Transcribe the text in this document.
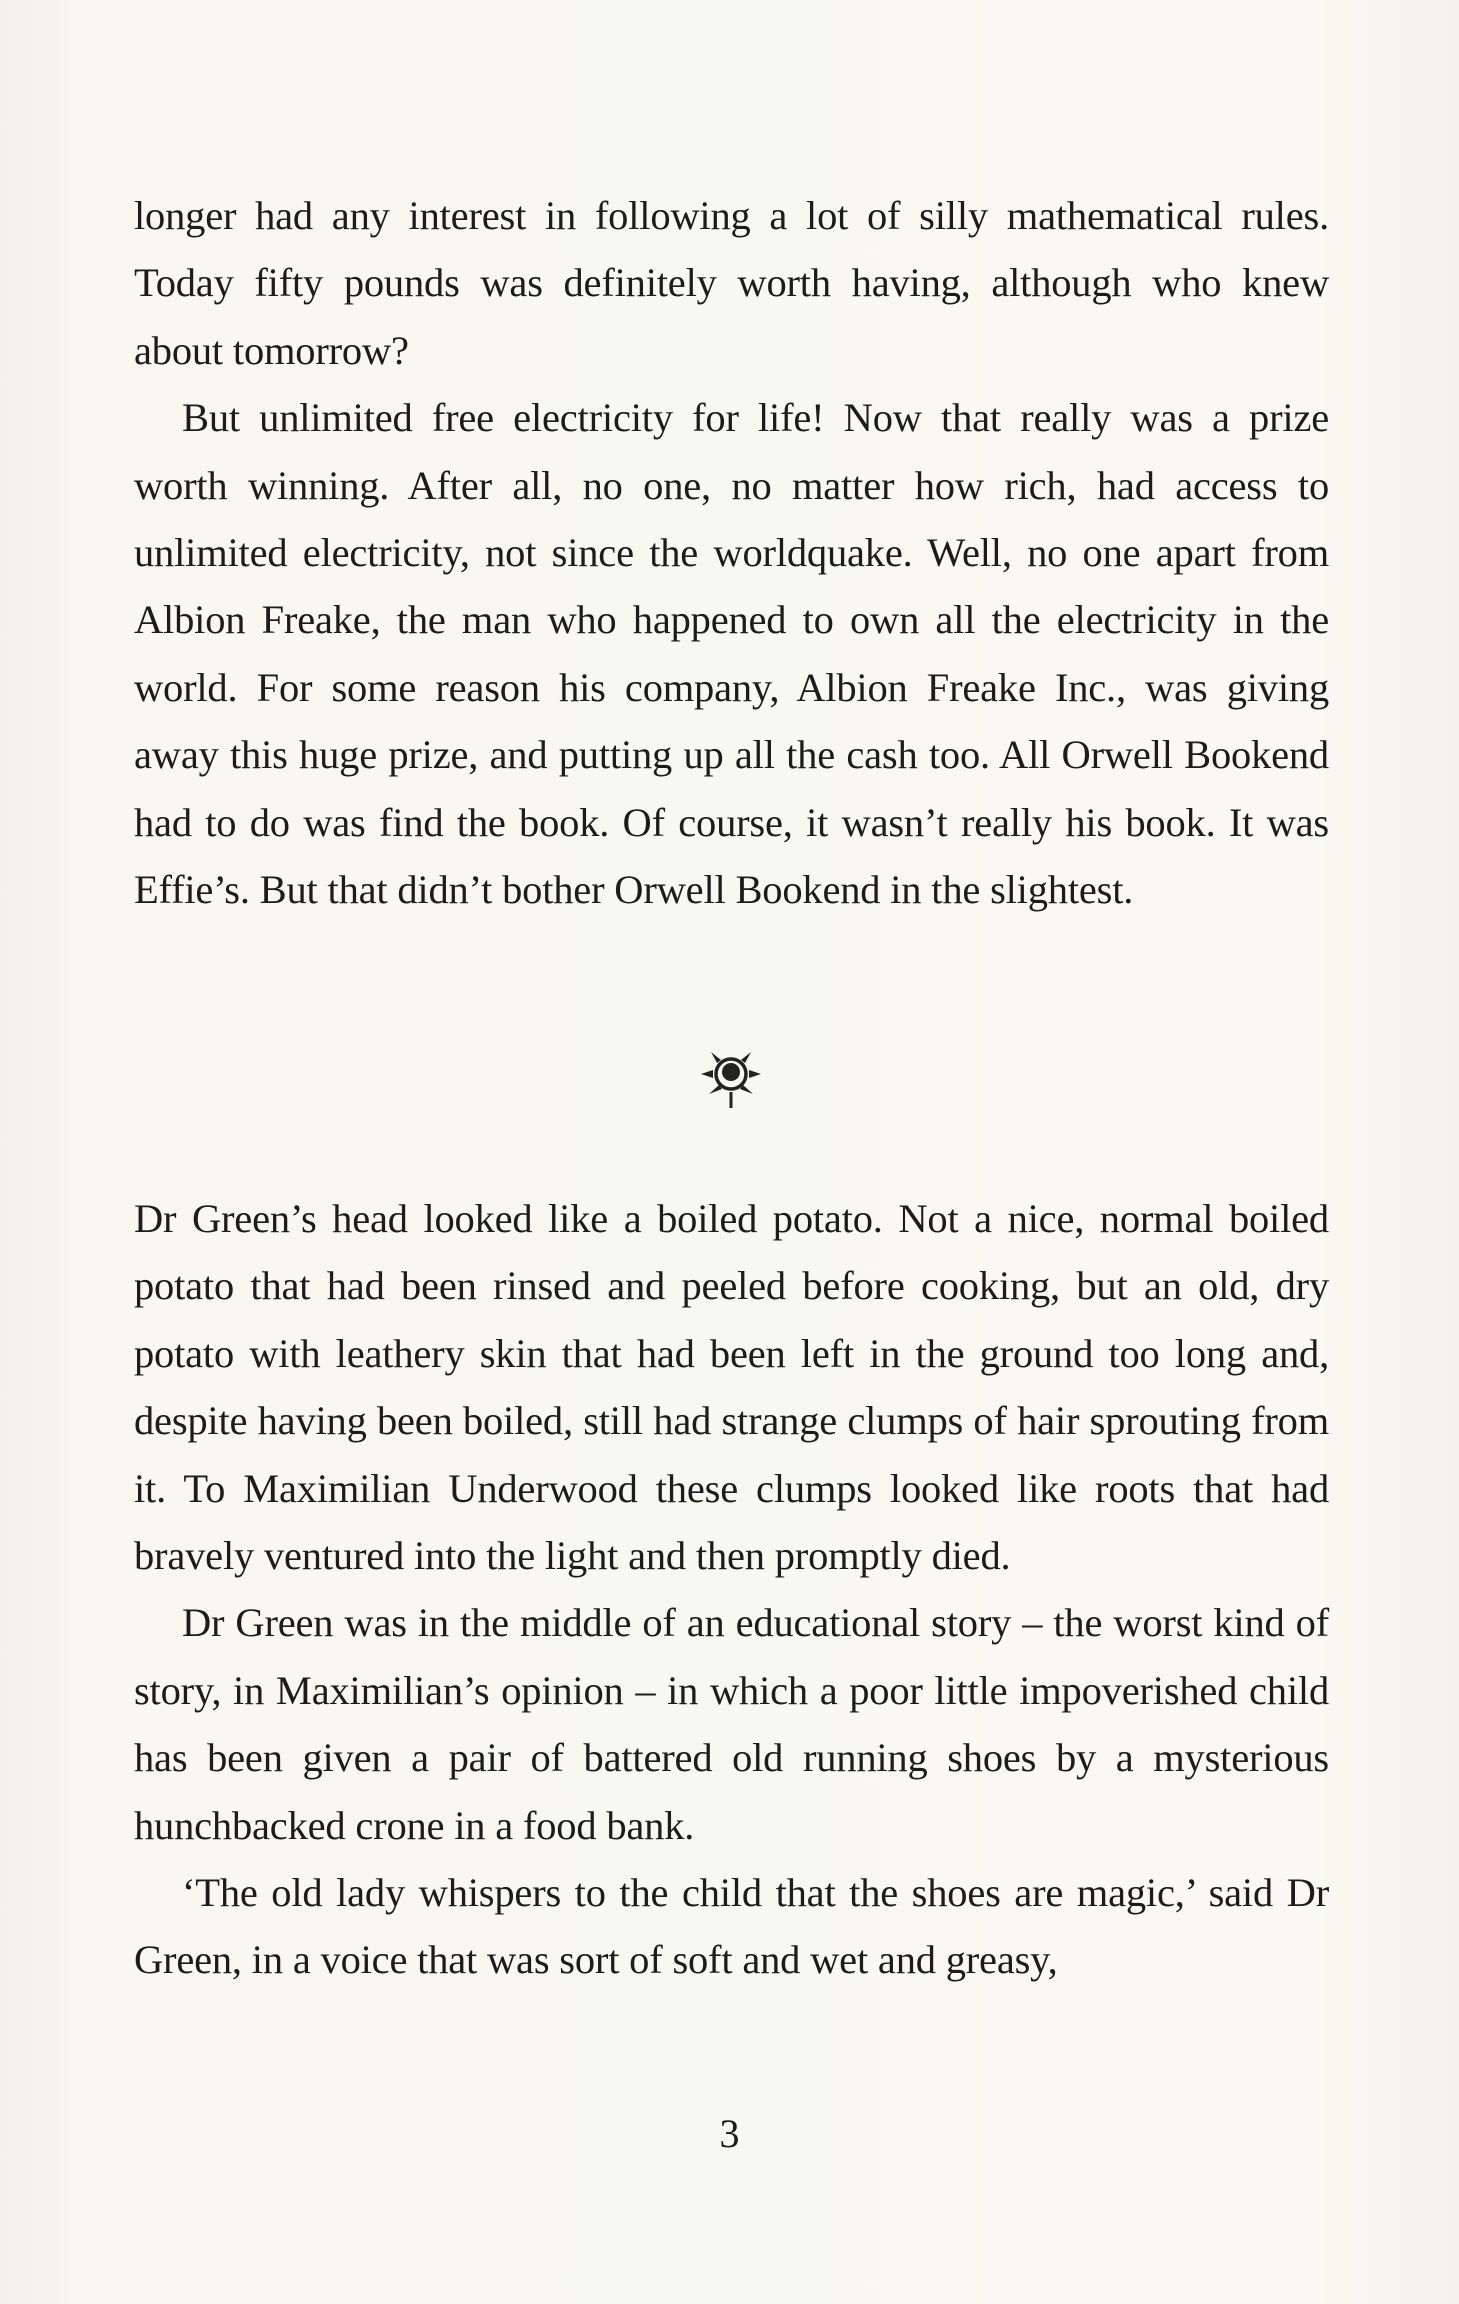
longer had any interest in following a lot of silly mathematical rules. Today fifty pounds was definitely worth having, although who knew about tomorrow?

But unlimited free electricity for life! Now that really was a prize worth winning. After all, no one, no matter how rich, had access to unlimited electricity, not since the worldquake. Well, no one apart from Albion Freake, the man who happened to own all the electricity in the world. For some reason his company, Albion Freake Inc., was giving away this huge prize, and putting up all the cash too. All Orwell Bookend had to do was find the book. Of course, it wasn’t really his book. It was Effie’s. But that didn’t bother Orwell Bookend in the slightest.

Dr Green’s head looked like a boiled potato. Not a nice, normal boiled potato that had been rinsed and peeled before cooking, but an old, dry potato with leathery skin that had been left in the ground too long and, despite having been boiled, still had strange clumps of hair sprouting from it. To Maximilian Underwood these clumps looked like roots that had bravely ventured into the light and then promptly died.

Dr Green was in the middle of an educational story – the worst kind of story, in Maximilian’s opinion – in which a poor little impoverished child has been given a pair of battered old running shoes by a mysterious hunchbacked crone in a food bank.

‘The old lady whispers to the child that the shoes are magic,’ said Dr Green, in a voice that was sort of soft and wet and greasy,

3
